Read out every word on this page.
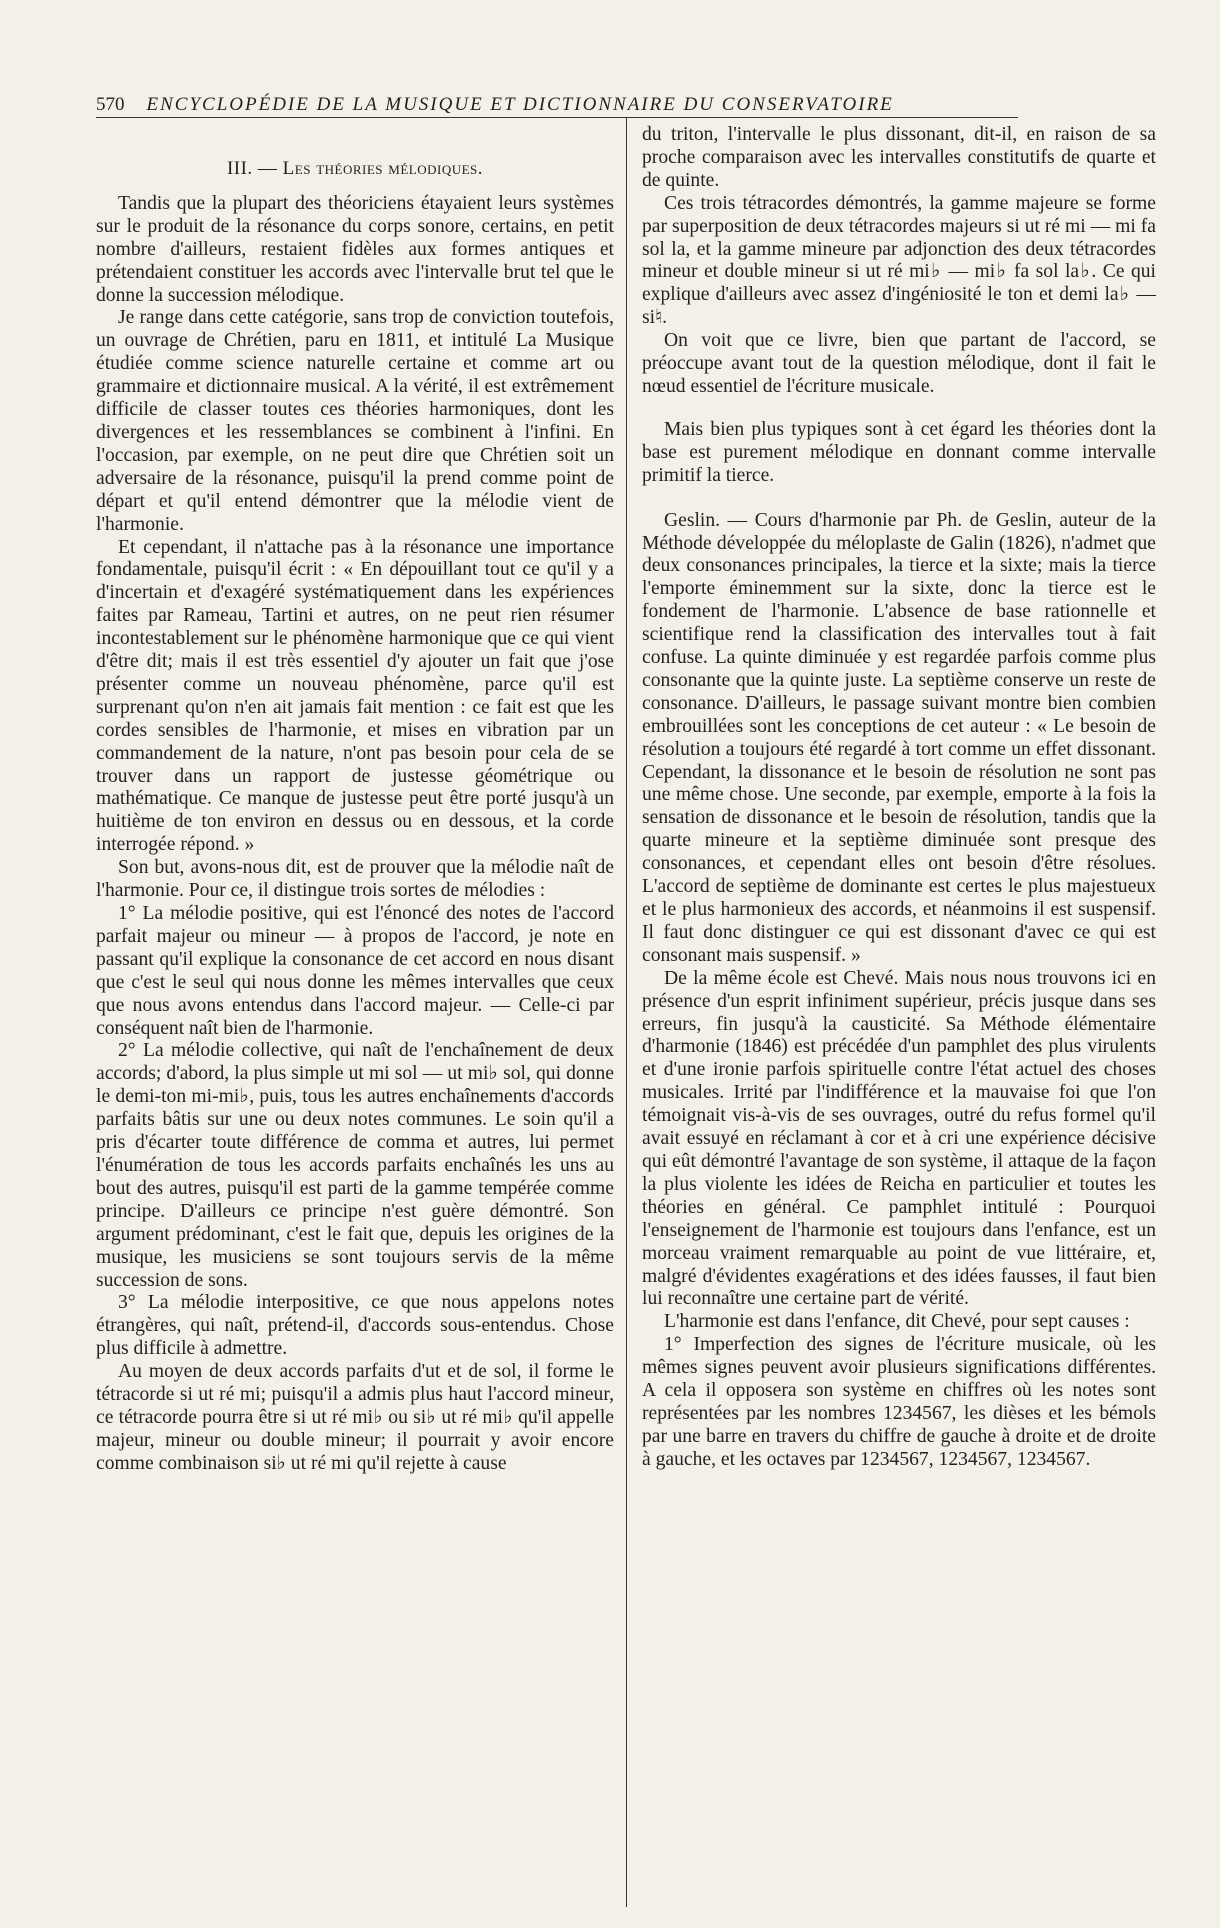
570 ENCYCLOPÉDIE DE LA MUSIQUE ET DICTIONNAIRE DU CONSERVATOIRE
III. — Les théories mélodiques.

Tandis que la plupart des théoriciens étayaient leurs systèmes sur le produit de la résonance du corps sonore, certains, en petit nombre d'ailleurs, restaient fidèles aux formes antiques et prétendaient constituer les accords avec l'intervalle brut tel que le donne la succession mélodique.

Je range dans cette catégorie, sans trop de conviction toutefois, un ouvrage de Chrétien, paru en 1811, et intitulé La Musique étudiée comme science naturelle certaine et comme art ou grammaire et dictionnaire musical. A la vérité, il est extrêmement difficile de classer toutes ces théories harmoniques, dont les divergences et les ressemblances se combinent à l'infini. En l'occasion, par exemple, on ne peut dire que Chrétien soit un adversaire de la résonance, puisqu'il la prend comme point de départ et qu'il entend démontrer que la mélodie vient de l'harmonie.

Et cependant, il n'attache pas à la résonance une importance fondamentale, puisqu'il écrit : « En dépouillant tout ce qu'il y a d'incertain et d'exagéré systématiquement dans les expériences faites par Rameau, Tartini et autres, on ne peut rien résumer incontestablement sur le phénomène harmonique que ce qui vient d'être dit; mais il est très essentiel d'y ajouter un fait que j'ose présenter comme un nouveau phénomène, parce qu'il est surprenant qu'on n'en ait jamais fait mention : ce fait est que les cordes sensibles de l'harmonie, et mises en vibration par un commandement de la nature, n'ont pas besoin pour cela de se trouver dans un rapport de justesse géométrique ou mathématique. Ce manque de justesse peut être porté jusqu'à un huitième de ton environ en dessus ou en dessous, et la corde interrogée répond. »

Son but, avons-nous dit, est de prouver que la mélodie naît de l'harmonie. Pour ce, il distingue trois sortes de mélodies :

1° La mélodie positive, qui est l'énoncé des notes de l'accord parfait majeur ou mineur — à propos de l'accord, je note en passant qu'il explique la consonance de cet accord en nous disant que c'est le seul qui nous donne les mêmes intervalles que ceux que nous avons entendus dans l'accord majeur. — Celle-ci par conséquent naît bien de l'harmonie.

2° La mélodie collective, qui naît de l'enchaînement de deux accords; d'abord, la plus simple ut mi sol — ut mi♭ sol, qui donne le demi-ton mi-mi♭, puis, tous les autres enchaînements d'accords parfaits bâtis sur une ou deux notes communes. Le soin qu'il a pris d'écarter toute différence de comma et autres, lui permet l'énumération de tous les accords parfaits enchaînés les uns au bout des autres, puisqu'il est parti de la gamme tempérée comme principe. D'ailleurs ce principe n'est guère démontré. Son argument prédominant, c'est le fait que, depuis les origines de la musique, les musiciens se sont toujours servis de la même succession de sons.

3° La mélodie interpositive, ce que nous appelons notes étrangères, qui naît, prétend-il, d'accords sous-entendus. Chose plus difficile à admettre.

Au moyen de deux accords parfaits d'ut et de sol, il forme le tétracorde si ut ré mi; puisqu'il a admis plus haut l'accord mineur, ce tétracorde pourra être si ut ré mi♭ ou si♭ ut ré mi♭ qu'il appelle majeur, mineur ou double mineur; il pourrait y avoir encore comme combinaison si♭ ut ré mi qu'il rejette à cause

du triton, l'intervalle le plus dissonant, dit-il, en raison de sa proche comparaison avec les intervalles constitutifs de quarte et de quinte.

Ces trois tétracordes démontrés, la gamme majeure se forme par superposition de deux tétracordes majeurs si ut ré mi — mi fa sol la, et la gamme mineure par adjonction des deux tétracordes mineur et double mineur si ut ré mi♭ — mi♭ fa sol la♭. Ce qui explique d'ailleurs avec assez d'ingéniosité le ton et demi la♭ — si♮.

On voit que ce livre, bien que partant de l'accord, se préoccupe avant tout de la question mélodique, dont il fait le nœud essentiel de l'écriture musicale.

Mais bien plus typiques sont à cet égard les théories dont la base est purement mélodique en donnant comme intervalle primitif la tierce.

Geslin. — Cours d'harmonie par Ph. de Geslin, auteur de la Méthode développée du méloplaste de Galin (1826), n'admet que deux consonances principales, la tierce et la sixte; mais la tierce l'emporte éminemment sur la sixte, donc la tierce est le fondement de l'harmonie. L'absence de base rationnelle et scientifique rend la classification des intervalles tout à fait confuse. La quinte diminuée y est regardée parfois comme plus consonante que la quinte juste. La septième conserve un reste de consonance. D'ailleurs, le passage suivant montre bien combien embrouillées sont les conceptions de cet auteur : « Le besoin de résolution a toujours été regardé à tort comme un effet dissonant. Cependant, la dissonance et le besoin de résolution ne sont pas une même chose. Une seconde, par exemple, emporte à la fois la sensation de dissonance et le besoin de résolution, tandis que la quarte mineure et la septième diminuée sont presque des consonances, et cependant elles ont besoin d'être résolues. L'accord de septième de dominante est certes le plus majestueux et le plus harmonieux des accords, et néanmoins il est suspensif. Il faut donc distinguer ce qui est dissonant d'avec ce qui est consonant mais suspensif. »

De la même école est Chevé. Mais nous nous trouvons ici en présence d'un esprit infiniment supérieur, précis jusque dans ses erreurs, fin jusqu'à la causticité. Sa Méthode élémentaire d'harmonie (1846) est précédée d'un pamphlet des plus virulents et d'une ironie parfois spirituelle contre l'état actuel des choses musicales. Irrité par l'indifférence et la mauvaise foi que l'on témoignait vis-à-vis de ses ouvrages, outré du refus formel qu'il avait essuyé en réclamant à cor et à cri une expérience décisive qui eût démontré l'avantage de son système, il attaque de la façon la plus violente les idées de Reicha en particulier et toutes les théories en général. Ce pamphlet intitulé : Pourquoi l'enseignement de l'harmonie est toujours dans l'enfance, est un morceau vraiment remarquable au point de vue littéraire, et, malgré d'évidentes exagérations et des idées fausses, il faut bien lui reconnaître une certaine part de vérité.

L'harmonie est dans l'enfance, dit Chevé, pour sept causes :

1° Imperfection des signes de l'écriture musicale, où les mêmes signes peuvent avoir plusieurs significations différentes. A cela il opposera son système en chiffres où les notes sont représentées par les nombres 1234567, les dièses et les bémols par une barre en travers du chiffre de gauche à droite et de droite à gauche, et les octaves par 1234567, 1234567, 1234567.
